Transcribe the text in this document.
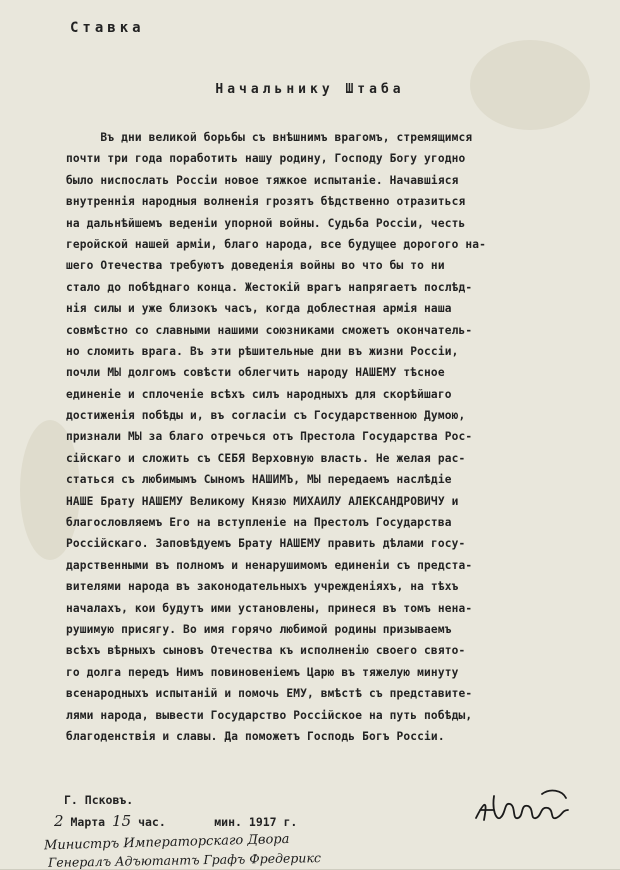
Ставка
Начальнику Штаба
Въ дни великой борьбы съ внѣшнимъ врагомъ, стремящимся
почти три года поработить нашу родину, Господу Богу угодно
было ниспослать Россіи новое тяжкое испытаніе. Начавшіяся
внутреннія народныя волненія грозятъ бѣдственно отразиться
на дальнѣйшемъ веденіи упорной войны. Судьба Россіи, честь
геройской нашей арміи, благо народа, все будущее дорогого на-
шего Отечества требуютъ доведенія войны во что бы то ни
стало до побѣднаго конца. Жестокій врагъ напрягаетъ послѣд-
нія силы и уже близокъ часъ, когда доблестная армія наша
совмѣстно со славными нашими союзниками сможетъ окончатель-
но сломить врага. Въ эти рѣшительные дни въ жизни Россіи,
почли МЫ долгомъ совѣсти облегчить народу НАШЕМУ тѣсное
единеніе и сплоченіе всѣхъ силъ народныхъ для скорѣйшаго
достиженія побѣды и, въ согласіи съ Государственною Думою,
признали МЫ за благо отречься отъ Престола Государства Рос-
сійскаго и сложить съ СЕБЯ Верховную власть. Не желая рас-
статься съ любимымъ Сыномъ НАШИМЪ, МЫ передаемъ наслѣдіе
НАШЕ Брату НАШЕМУ Великому Князю МИХАИЛУ АЛЕКСАНДРОВИЧУ и
благословляемъ Его на вступленіе на Престолъ Государства
Россійскаго. Заповѣдуемъ Брату НАШЕМУ править дѣлами госу-
дарственными въ полномъ и ненарушимомъ единеніи съ предста-
вителями народа въ законодательныхъ учрежденіяхъ, на тѣхъ
началахъ, кои будутъ ими установлены, принеся въ томъ нена-
рушимую присягу. Во имя горячо любимой родины призываемъ
всѣхъ вѣрныхъ сыновъ Отечества къ исполненію своего свято-
го долга передъ Нимъ повиновеніемъ Царю въ тяжелую минуту
всенародныхъ испытаній и помочь ЕМУ, вмѣстѣ съ представите-
лями народа, вывести Государство Россійское на путь побѣды,
благоденствія и славы. Да поможетъ Господь Богъ Россіи.
Г. Псковъ.
2 Марта 15 час.	мин. 1917 г.
Министръ Императорскаго Двора
Генералъ Адъютантъ Графъ Фредерикс
